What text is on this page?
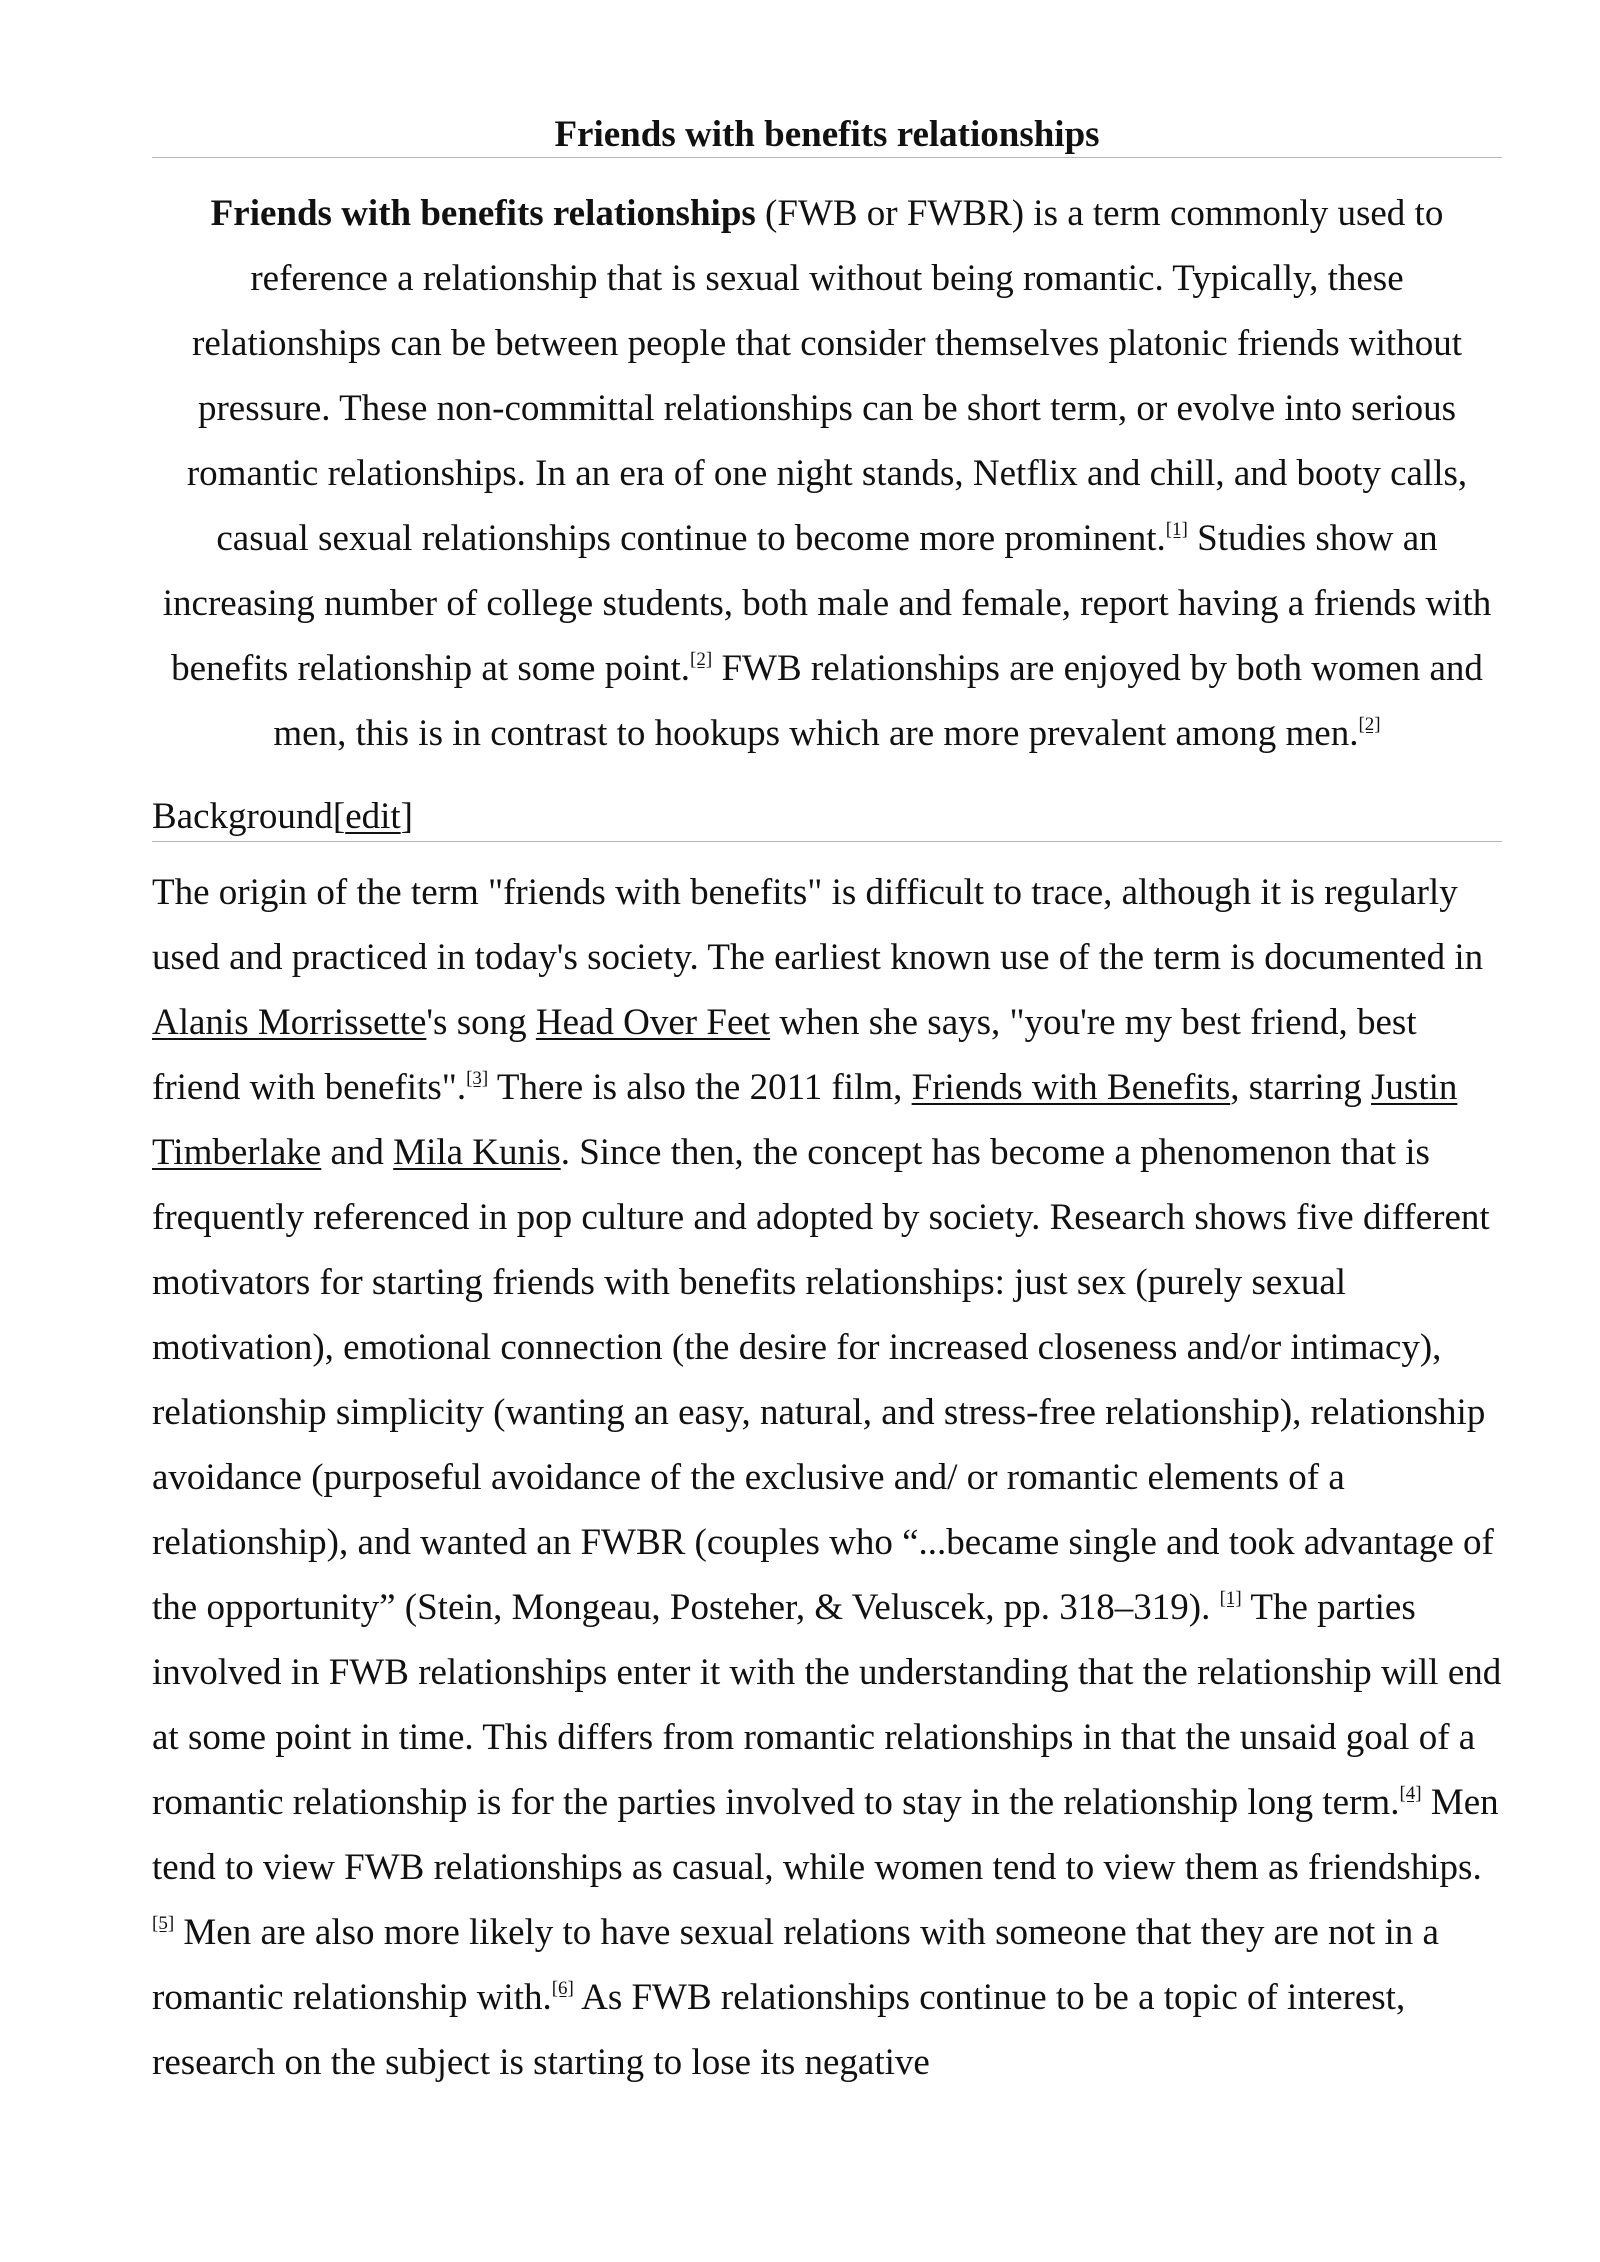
Friends with benefits relationships

Friends with benefits relationships (FWB or FWBR) is a term commonly used to reference a relationship that is sexual without being romantic. Typically, these relationships can be between people that consider themselves platonic friends without pressure. These non-committal relationships can be short term, or evolve into serious romantic relationships. In an era of one night stands, Netflix and chill, and booty calls, casual sexual relationships continue to become more prominent.[1] Studies show an increasing number of college students, both male and female, report having a friends with benefits relationship at some point.[2] FWB relationships are enjoyed by both women and men, this is in contrast to hookups which are more prevalent among men.[2]

Background[edit]

The origin of the term "friends with benefits" is difficult to trace, although it is regularly used and practiced in today's society. The earliest known use of the term is documented in Alanis Morrissette's song Head Over Feet when she says, "you're my best friend, best friend with benefits".[3] There is also the 2011 film, Friends with Benefits, starring Justin Timberlake and Mila Kunis. Since then, the concept has become a phenomenon that is frequently referenced in pop culture and adopted by society. Research shows five different motivators for starting friends with benefits relationships: just sex (purely sexual motivation), emotional connection (the desire for increased closeness and/or intimacy), relationship simplicity (wanting an easy, natural, and stress-free relationship), relationship avoidance (purposeful avoidance of the exclusive and/ or romantic elements of a relationship), and wanted an FWBR (couples who “...became single and took advantage of the opportunity” (Stein, Mongeau, Posteher, & Veluscek, pp. 318–319). [1] The parties involved in FWB relationships enter it with the understanding that the relationship will end at some point in time. This differs from romantic relationships in that the unsaid goal of a romantic relationship is for the parties involved to stay in the relationship long term.[4] Men tend to view FWB relationships as casual, while women tend to view them as friendships.[5] Men are also more likely to have sexual relations with someone that they are not in a romantic relationship with.[6] As FWB relationships continue to be a topic of interest, research on the subject is starting to lose its negative
